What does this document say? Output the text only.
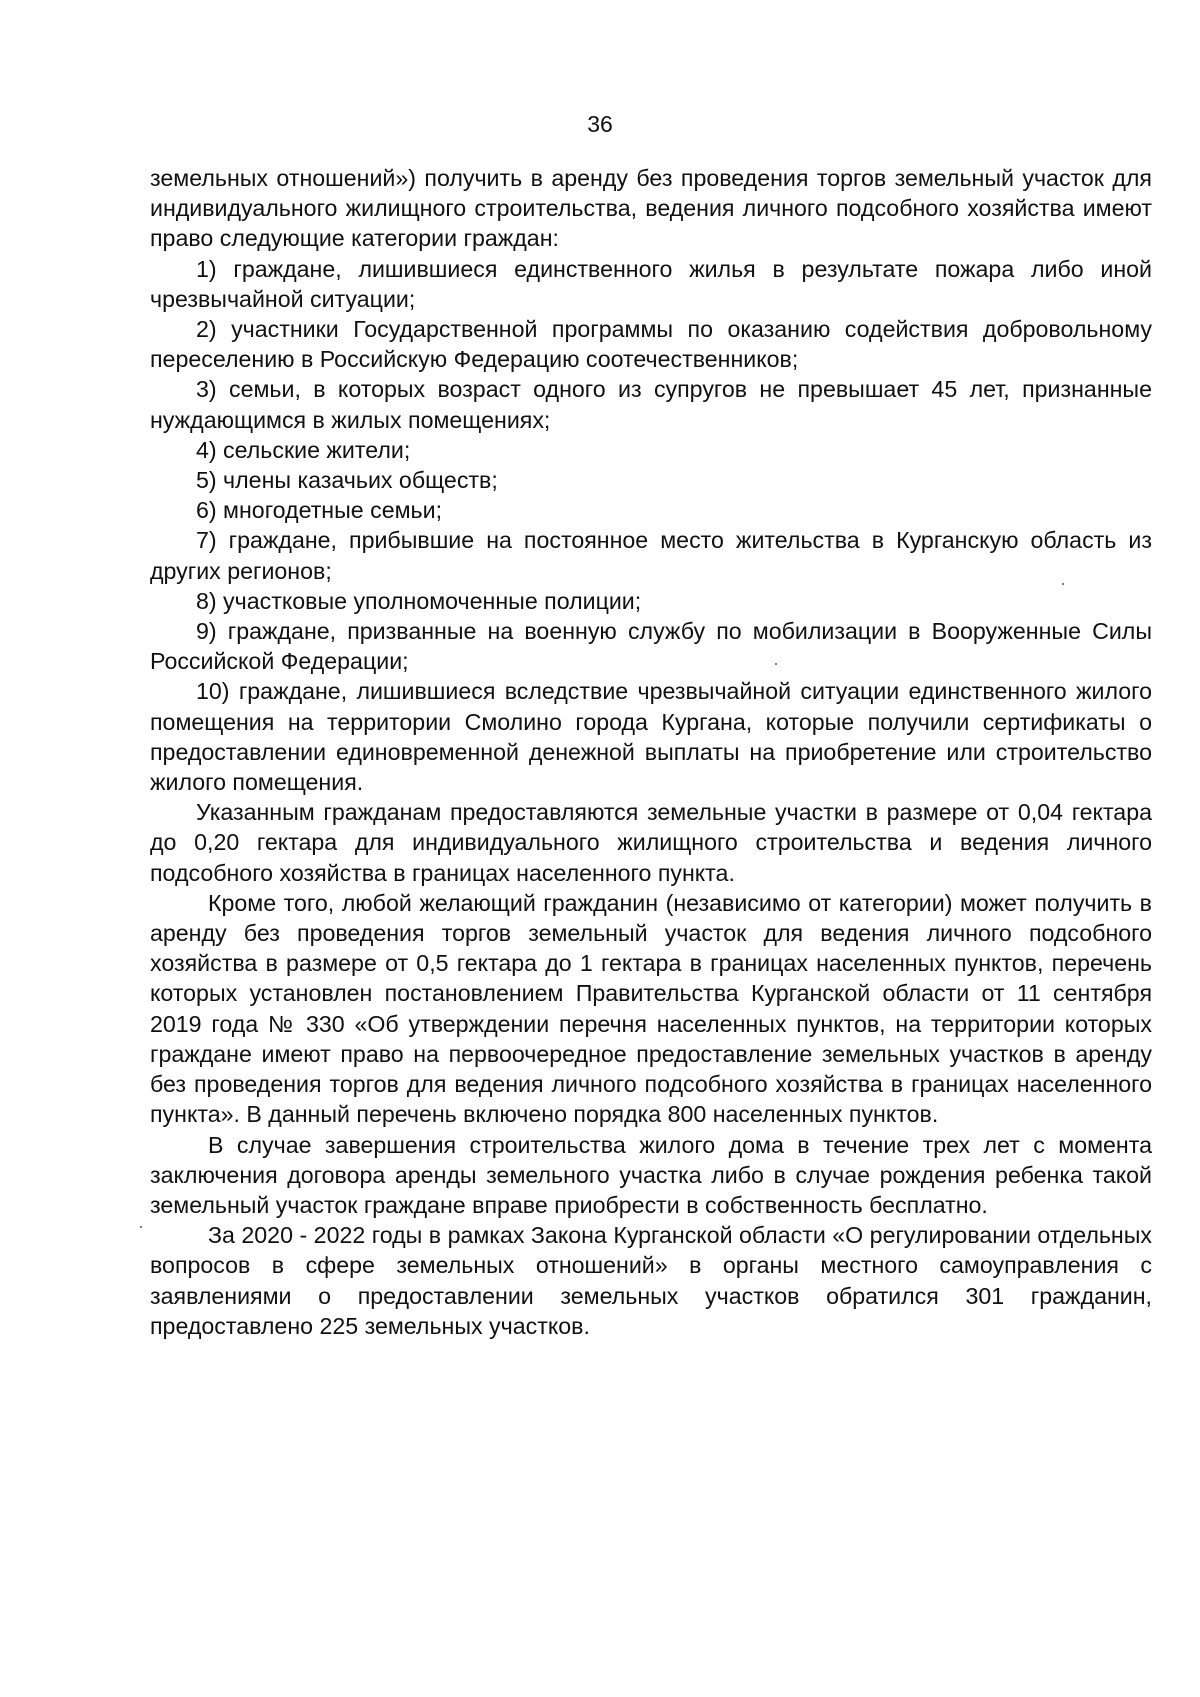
36

земельных отношений») получить в аренду без проведения торгов земельный участок для индивидуального жилищного строительства, ведения личного подсобного хозяйства имеют право следующие категории граждан:

1) граждане, лишившиеся единственного жилья в результате пожара либо иной чрезвычайной ситуации;

2) участники Государственной программы по оказанию содействия добровольному переселению в Российскую Федерацию соотечественников;

3) семьи, в которых возраст одного из супругов не превышает 45 лет, признанные нуждающимся в жилых помещениях;

4) сельские жители;

5) члены казачьих обществ;

6) многодетные семьи;

7) граждане, прибывшие на постоянное место жительства в Курганскую область из других регионов;

8) участковые уполномоченные полиции;

9) граждане, призванные на военную службу по мобилизации в Вооруженные Силы Российской Федерации;

10) граждане, лишившиеся вследствие чрезвычайной ситуации единственного жилого помещения на территории Смолино города Кургана, которые получили сертификаты о предоставлении единовременной денежной выплаты на приобретение или строительство жилого помещения.

Указанным гражданам предоставляются земельные участки в размере от 0,04 гектара до 0,20 гектара для индивидуального жилищного строительства и ведения личного подсобного хозяйства в границах населенного пункта.

Кроме того, любой желающий гражданин (независимо от категории) может получить в аренду без проведения торгов земельный участок для ведения личного подсобного хозяйства в размере от 0,5 гектара до 1 гектара в границах населенных пунктов, перечень которых установлен постановлением Правительства Курганской области от 11 сентября 2019 года № 330 «Об утверждении перечня населенных пунктов, на территории которых граждане имеют право на первоочередное предоставление земельных участков в аренду без проведения торгов для ведения личного подсобного хозяйства в границах населенного пункта». В данный перечень включено порядка 800 населенных пунктов.

В случае завершения строительства жилого дома в течение трех лет с момента заключения договора аренды земельного участка либо в случае рождения ребенка такой земельный участок граждане вправе приобрести в собственность бесплатно.

За 2020 - 2022 годы в рамках Закона Курганской области «О регулировании отдельных вопросов в сфере земельных отношений» в органы местного самоуправления с заявлениями о предоставлении земельных участков обратился 301 гражданин, предоставлено 225 земельных участков.
